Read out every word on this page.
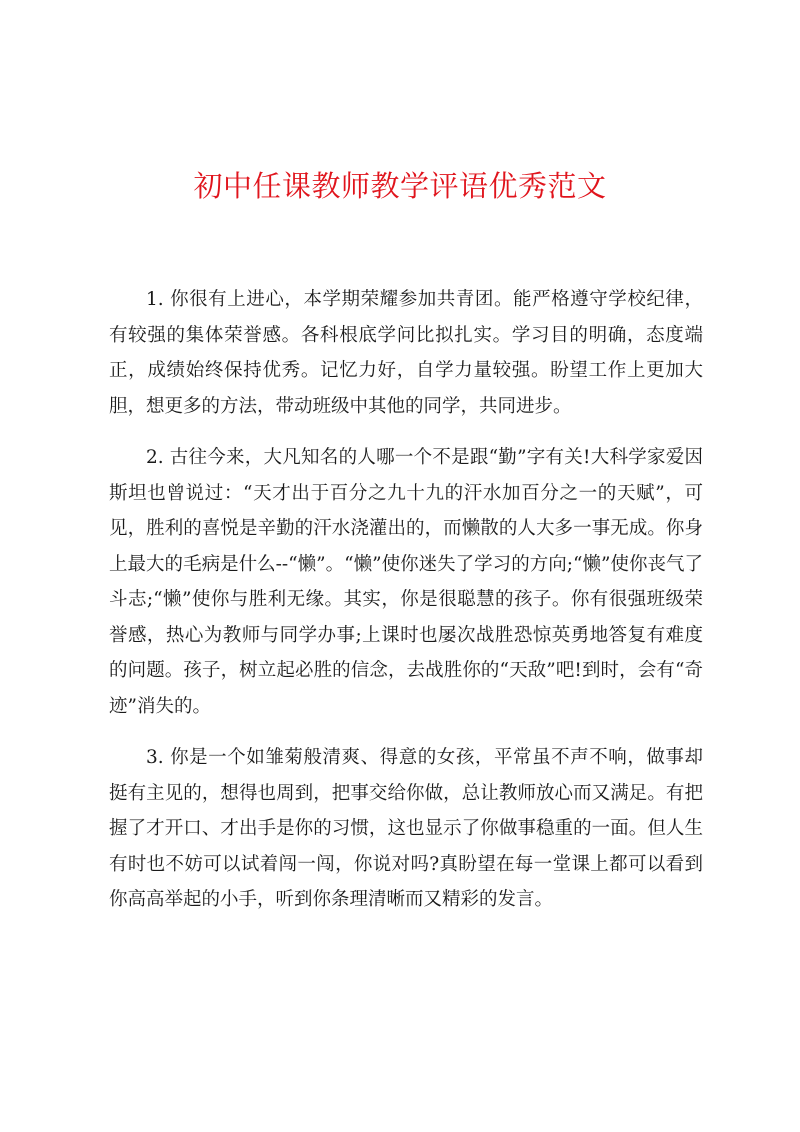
初中任课教师教学评语优秀范文

1. 你很有上进心，本学期荣耀参加共青团。能严格遵守学校纪律，有较强的集体荣誉感。各科根底学问比拟扎实。学习目的明确，态度端正，成绩始终保持优秀。记忆力好，自学力量较强。盼望工作上更加大胆，想更多的方法，带动班级中其他的同学，共同进步。

2. 古往今来，大凡知名的人哪一个不是跟“勤”字有关!大科学家爱因斯坦也曾说过：“天才出于百分之九十九的汗水加百分之一的天赋”，可见，胜利的喜悦是辛勤的汗水浇灌出的，而懒散的人大多一事无成。你身上最大的毛病是什么--“懒”。“懒”使你迷失了学习的方向;“懒”使你丧气了斗志;“懒”使你与胜利无缘。其实，你是很聪慧的孩子。你有很强班级荣誉感，热心为教师与同学办事;上课时也屡次战胜恐惊英勇地答复有难度的问题。孩子，树立起必胜的信念，去战胜你的“天敌”吧!到时，会有“奇迹”消失的。

3. 你是一个如雏菊般清爽、得意的女孩，平常虽不声不响，做事却挺有主见的，想得也周到，把事交给你做，总让教师放心而又满足。有把握了才开口、才出手是你的习惯，这也显示了你做事稳重的一面。但人生有时也不妨可以试着闯一闯，你说对吗?真盼望在每一堂课上都可以看到你高高举起的小手，听到你条理清晰而又精彩的发言。
